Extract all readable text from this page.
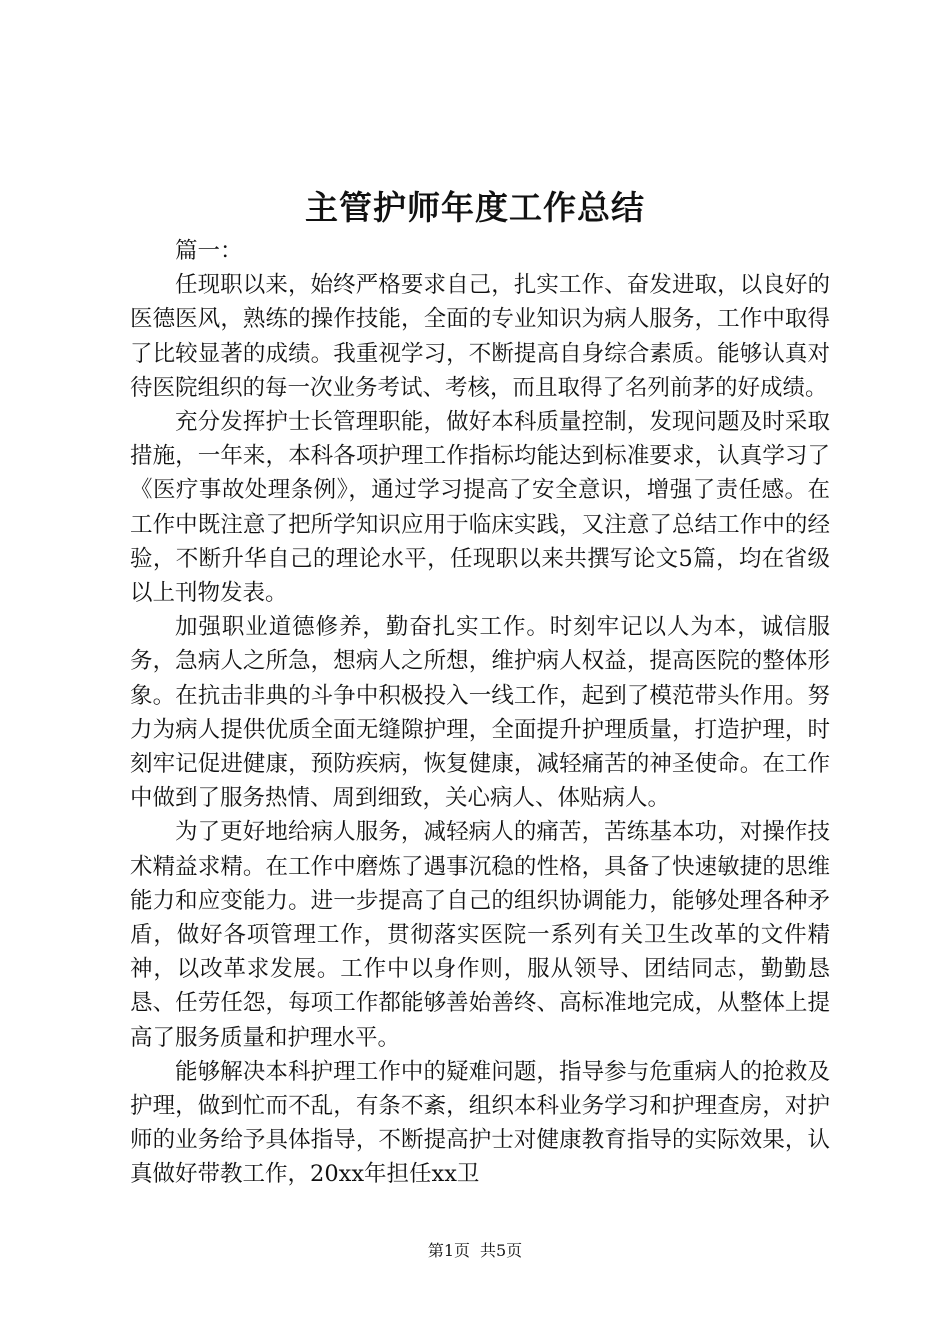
主管护师年度工作总结

篇一：

任现职以来，始终严格要求自己，扎实工作、奋发进取，以良好的医德医风，熟练的操作技能，全面的专业知识为病人服务，工作中取得了比较显著的成绩。我重视学习，不断提高自身综合素质。能够认真对待医院组织的每一次业务考试、考核，而且取得了名列前茅的好成绩。

充分发挥护士长管理职能，做好本科质量控制，发现问题及时采取措施，一年来，本科各项护理工作指标均能达到标准要求，认真学习了《医疗事故处理条例》，通过学习提高了安全意识，增强了责任感。在工作中既注意了把所学知识应用于临床实践，又注意了总结工作中的经验，不断升华自己的理论水平，任现职以来共撰写论文5篇，均在省级以上刊物发表。

加强职业道德修养，勤奋扎实工作。时刻牢记以人为本，诚信服务，急病人之所急，想病人之所想，维护病人权益，提高医院的整体形象。在抗击非典的斗争中积极投入一线工作，起到了模范带头作用。努力为病人提供优质全面无缝隙护理，全面提升护理质量，打造护理，时刻牢记促进健康，预防疾病，恢复健康，减轻痛苦的神圣使命。在工作中做到了服务热情、周到细致，关心病人、体贴病人。

为了更好地给病人服务，减轻病人的痛苦，苦练基本功，对操作技术精益求精。在工作中磨炼了遇事沉稳的性格，具备了快速敏捷的思维能力和应变能力。进一步提高了自己的组织协调能力，能够处理各种矛盾，做好各项管理工作，贯彻落实医院一系列有关卫生改革的文件精神，以改革求发展。工作中以身作则，服从领导、团结同志，勤勤恳恳、任劳任怨，每项工作都能够善始善终、高标准地完成，从整体上提高了服务质量和护理水平。

能够解决本科护理工作中的疑难问题，指导参与危重病人的抢救及护理，做到忙而不乱，有条不紊，组织本科业务学习和护理查房，对护师的业务给予具体指导，不断提高护士对健康教育指导的实际效果，认真做好带教工作，20xx年担任xx卫

第1页 共5页
